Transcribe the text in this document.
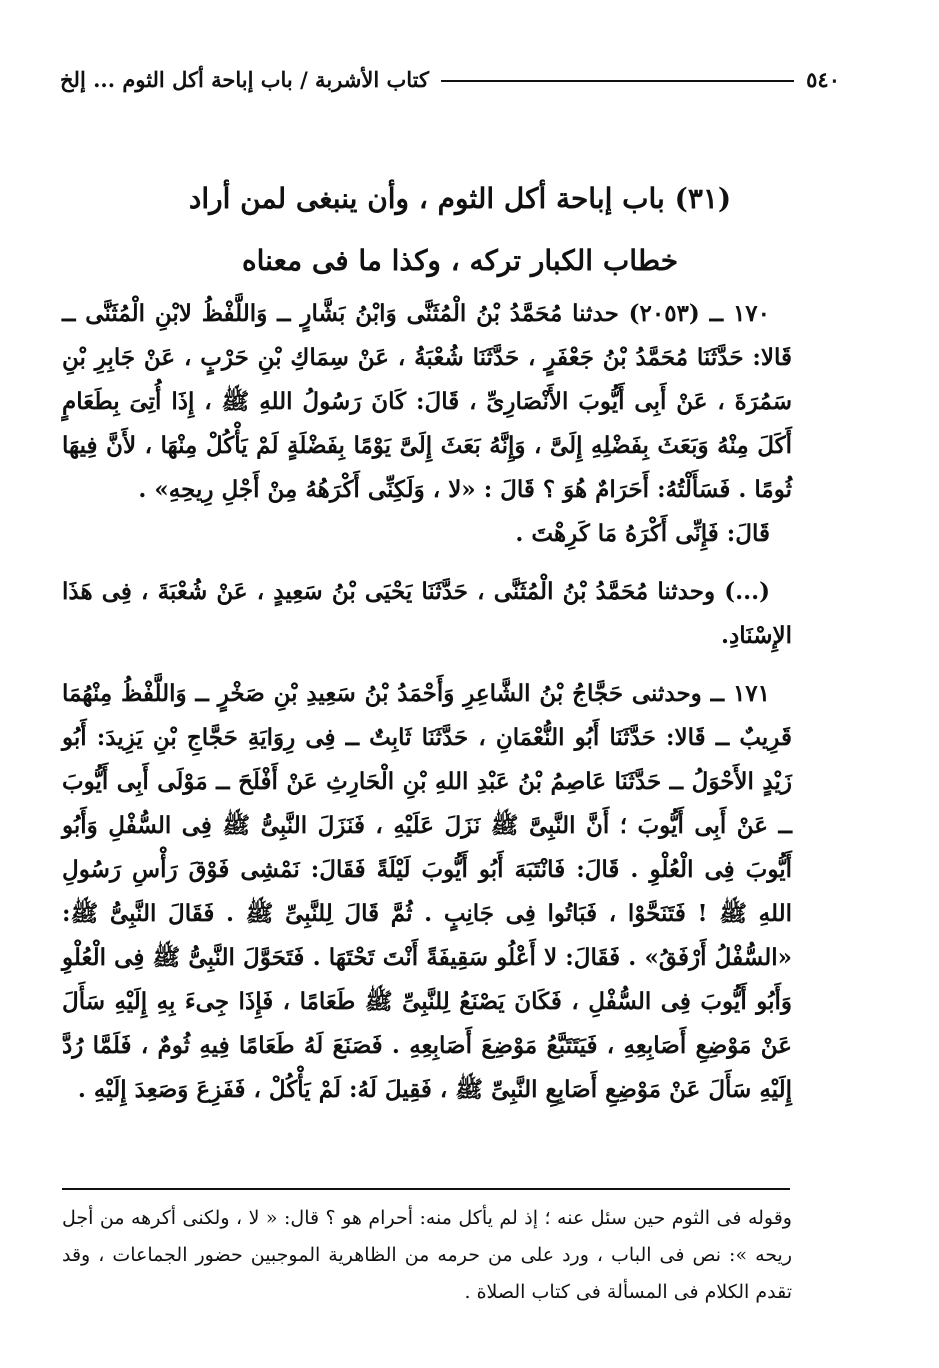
٥٤٠
كتاب الأشربة / باب إباحة أكل الثوم ... إلخ
(٣١) باب إباحة أكل الثوم ، وأن ينبغى لمن أراد
خطاب الكبار تركه ، وكذا ما فى معناه

١٧٠ ــ (٢٠٥٣) حدثنا مُحَمَّدُ بْنُ الْمُثَنَّى وَابْنُ بَشَّارٍ ــ وَاللَّفْظُ لابْنِ الْمُثَنَّى ــ قَالا: حَدَّثَنَا مُحَمَّدُ بْنُ جَعْفَرٍ ، حَدَّثَنَا شُعْبَةُ ، عَنْ سِمَاكِ بْنِ حَرْبٍ ، عَنْ جَابِرِ بْنِ سَمُرَةَ ، عَنْ أَبِى أَيُّوبَ الأَنْصَارِىِّ ، قَالَ: كَانَ رَسُولُ اللهِ ﷺ ، إِذَا أُتِىَ بِطَعَامٍ أَكَلَ مِنْهُ وَبَعَثَ بِفَضْلِهِ إِلَىَّ ، وَإِنَّهُ بَعَثَ إِلَىَّ يَوْمًا بِفَضْلَةٍ لَمْ يَأْكُلْ مِنْهَا ، لأَنَّ فِيهَا ثُومًا . فَسَأَلْتُهُ: أَحَرَامٌ هُوَ ؟ قَالَ : «لا ، وَلَكِنِّى أَكْرَهُهُ مِنْ أَجْلِ رِيحِهِ» .

قَالَ: فَإِنِّى أَكْرَهُ مَا كَرِهْتَ .

(...) وحدثنا مُحَمَّدُ بْنُ الْمُثَنَّى ، حَدَّثَنَا يَحْيَى بْنُ سَعِيدٍ ، عَنْ شُعْبَةَ ، فِى هَذَا الإِسْنَادِ.

١٧١ ــ وحدثنى حَجَّاجُ بْنُ الشَّاعِرِ وَأَحْمَدُ بْنُ سَعِيدِ بْنِ صَخْرٍ ــ وَاللَّفْظُ مِنْهُمَا قَرِيبٌ ــ قَالا: حَدَّثَنَا أَبُو النُّعْمَانِ ، حَدَّثَنَا ثَابِتٌ ــ فِى رِوَايَةِ حَجَّاجِ بْنِ يَزِيدَ: أَبُو زَيْدٍ الأَحْوَلُ ــ حَدَّثَنَا عَاصِمُ بْنُ عَبْدِ اللهِ بْنِ الْحَارِثِ عَنْ أَفْلَحَ ــ مَوْلَى أَبِى أَيُّوبَ ــ عَنْ أَبِى أَيُّوبَ ؛ أَنَّ النَّبِىَّ ﷺ نَزَلَ عَلَيْهِ ، فَنَزَلَ النَّبِىُّ ﷺ فِى السُّفْلِ وَأَبُو أَيُّوبَ فِى الْعُلْوِ . قَالَ: فَانْتَبَهَ أَبُو أَيُّوبَ لَيْلَةً فَقَالَ: نَمْشِى فَوْقَ رَأْسِ رَسُولِ اللهِ ﷺ ! فَتَنَحَّوْا ، فَبَاتُوا فِى جَانِبٍ . ثُمَّ قَالَ لِلنَّبِىِّ ﷺ . فَقَالَ النَّبِىُّ ﷺ: «السُّفْلُ أَرْفَقُ» . فَقَالَ: لا أَعْلُو سَقِيفَةً أَنْتَ تَحْتَهَا . فَتَحَوَّلَ النَّبِىُّ ﷺ فِى الْعُلْوِ وَأَبُو أَيُّوبَ فِى السُّفْلِ ، فَكَانَ يَصْنَعُ لِلنَّبِىِّ ﷺ طَعَامًا ، فَإِذَا جِىءَ بِهِ إِلَيْهِ سَأَلَ عَنْ مَوْضِعِ أَصَابِعِهِ ، فَيَتَتَبَّعُ مَوْضِعَ أَصَابِعِهِ . فَصَنَعَ لَهُ طَعَامًا فِيهِ ثُومٌ ، فَلَمَّا رُدَّ إِلَيْهِ سَأَلَ عَنْ مَوْضِعِ أَصَابِعِ النَّبِىِّ ﷺ ، فَقِيلَ لَهُ: لَمْ يَأْكُلْ ، فَفَزِعَ وَصَعِدَ إِلَيْهِ .

وقوله فى الثوم حين سئل عنه ؛ إذ لم يأكل منه: أحرام هو ؟ قال: « لا ، ولكنى أكرهه من أجل ريحه »: نص فى الباب ، ورد على من حرمه من الظاهرية الموجبين حضور الجماعات ، وقد تقدم الكلام فى المسألة فى كتاب الصلاة .
